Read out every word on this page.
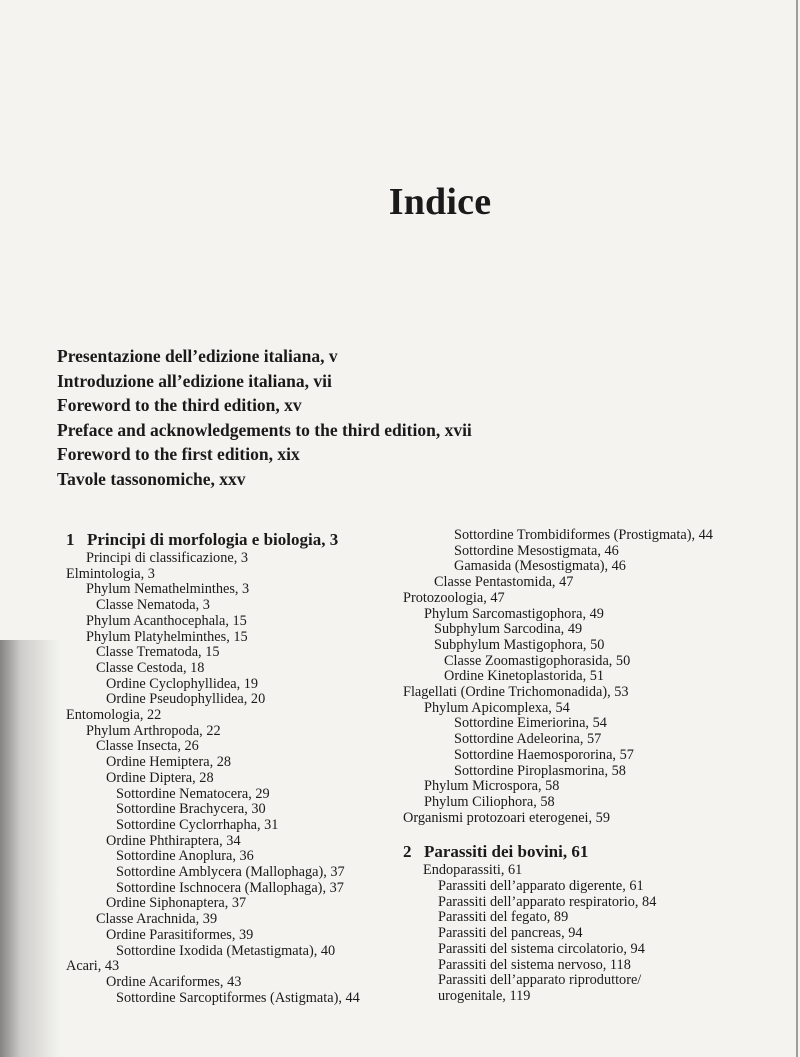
Indice
Presentazione dell’edizione italiana, v
Introduzione all’edizione italiana, vii
Foreword to the third edition, xv
Preface and acknowledgements to the third edition, xvii
Foreword to the first edition, xix
Tavole tassonomiche, xxv
1 Principi di morfologia e biologia, 3
Principi di classificazione, 3
Elmintologia, 3
Phylum Nemathelminthes, 3
Classe Nematoda, 3
Phylum Acanthocephala, 15
Phylum Platyhelminthes, 15
Classe Trematoda, 15
Classe Cestoda, 18
Ordine Cyclophyllidea, 19
Ordine Pseudophyllidea, 20
Entomologia, 22
Phylum Arthropoda, 22
Classe Insecta, 26
Ordine Hemiptera, 28
Ordine Diptera, 28
Sottordine Nematocera, 29
Sottordine Brachycera, 30
Sottordine Cyclorrhapha, 31
Ordine Phthiraptera, 34
Sottordine Anoplura, 36
Sottordine Amblycera (Mallophaga), 37
Sottordine Ischnocera (Mallophaga), 37
Ordine Siphonaptera, 37
Classe Arachnida, 39
Ordine Parasitiformes, 39
Sottordine Ixodida (Metastigmata), 40
Acari, 43
Ordine Acariformes, 43
Sottordine Sarcoptiformes (Astigmata), 44
Sottordine Trombidiformes (Prostigmata), 44
Sottordine Mesostigmata, 46
Gamasida (Mesostigmata), 46
Classe Pentastomida, 47
Protozoologia, 47
Phylum Sarcomastigophora, 49
Subphylum Sarcodina, 49
Subphylum Mastigophora, 50
Classe Zoomastigophorasida, 50
Ordine Kinetoplastorida, 51
Flagellati (Ordine Trichomonadida), 53
Phylum Apicomplexa, 54
Sottordine Eimeriorina, 54
Sottordine Adeleorina, 57
Sottordine Haemospororina, 57
Sottordine Piroplasmorina, 58
Phylum Microspora, 58
Phylum Ciliophora, 58
Organismi protozoari eterogenei, 59
2 Parassiti dei bovini, 61
Endoparassiti, 61
Parassiti dell’apparato digerente, 61
Parassiti dell’apparato respiratorio, 84
Parassiti del fegato, 89
Parassiti del pancreas, 94
Parassiti del sistema circolatorio, 94
Parassiti del sistema nervoso, 118
Parassiti dell’apparato riproduttore/
urogenitale, 119
